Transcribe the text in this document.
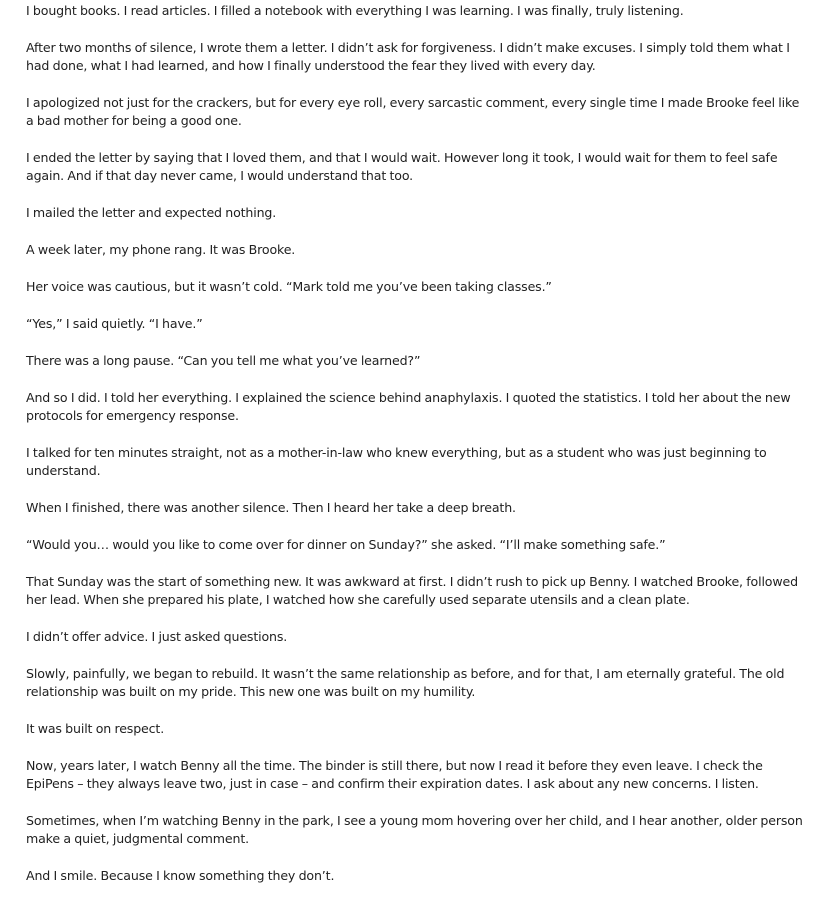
I bought books. I read articles. I filled a notebook with everything I was learning. I was finally, truly listening.

After two months of silence, I wrote them a letter. I didn’t ask for forgiveness. I didn’t make excuses. I simply told them what I had done, what I had learned, and how I finally understood the fear they lived with every day.

I apologized not just for the crackers, but for every eye roll, every sarcastic comment, every single time I made Brooke feel like a bad mother for being a good one.

I ended the letter by saying that I loved them, and that I would wait. However long it took, I would wait for them to feel safe again. And if that day never came, I would understand that too.

I mailed the letter and expected nothing.

A week later, my phone rang. It was Brooke.

Her voice was cautious, but it wasn’t cold. “Mark told me you’ve been taking classes.”

“Yes,” I said quietly. “I have.”

There was a long pause. “Can you tell me what you’ve learned?”

And so I did. I told her everything. I explained the science behind anaphylaxis. I quoted the statistics. I told her about the new protocols for emergency response.

I talked for ten minutes straight, not as a mother-in-law who knew everything, but as a student who was just beginning to understand.

When I finished, there was another silence. Then I heard her take a deep breath.

“Would you… would you like to come over for dinner on Sunday?” she asked. “I’ll make something safe.”

That Sunday was the start of something new. It was awkward at first. I didn’t rush to pick up Benny. I watched Brooke, followed her lead. When she prepared his plate, I watched how she carefully used separate utensils and a clean plate.

I didn’t offer advice. I just asked questions.

Slowly, painfully, we began to rebuild. It wasn’t the same relationship as before, and for that, I am eternally grateful. The old relationship was built on my pride. This new one was built on my humility.

It was built on respect.

Now, years later, I watch Benny all the time. The binder is still there, but now I read it before they even leave. I check the EpiPens – they always leave two, just in case – and confirm their expiration dates. I ask about any new concerns. I listen.

Sometimes, when I’m watching Benny in the park, I see a young mom hovering over her child, and I hear another, older person make a quiet, judgmental comment.

And I smile. Because I know something they don’t.
